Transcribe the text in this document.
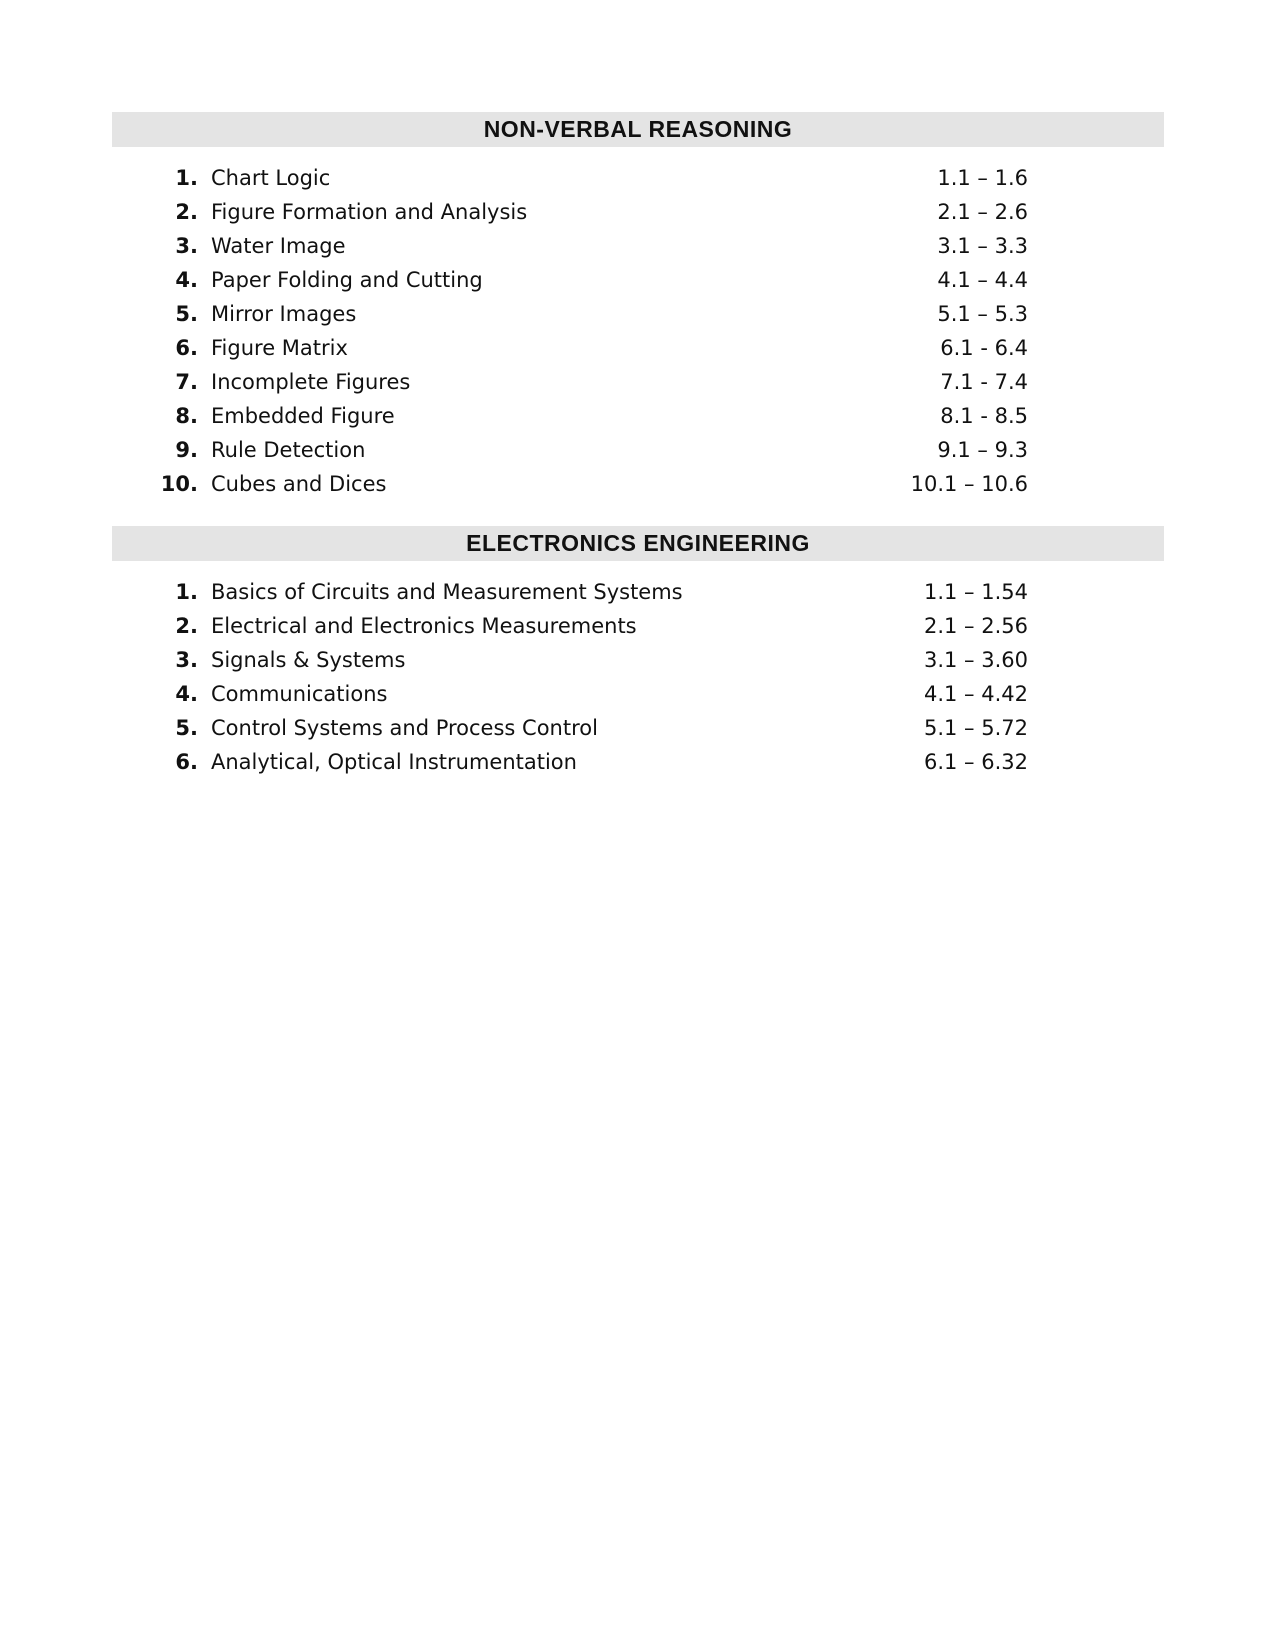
NON-VERBAL REASONING
1. Chart Logic	1.1 – 1.6
2. Figure Formation and Analysis	2.1 – 2.6
3. Water Image	3.1 – 3.3
4. Paper Folding and Cutting	4.1 – 4.4
5. Mirror Images	5.1 – 5.3
6. Figure Matrix	6.1 - 6.4
7. Incomplete Figures	7.1 - 7.4
8. Embedded Figure	8.1 - 8.5
9. Rule Detection	9.1 – 9.3
10. Cubes and Dices	10.1 – 10.6
ELECTRONICS ENGINEERING
1. Basics of Circuits and Measurement Systems	1.1 – 1.54
2. Electrical and Electronics Measurements	2.1 – 2.56
3. Signals & Systems	3.1 – 3.60
4. Communications	4.1 – 4.42
5. Control Systems and Process Control	5.1 – 5.72
6. Analytical, Optical Instrumentation	6.1 – 6.32
